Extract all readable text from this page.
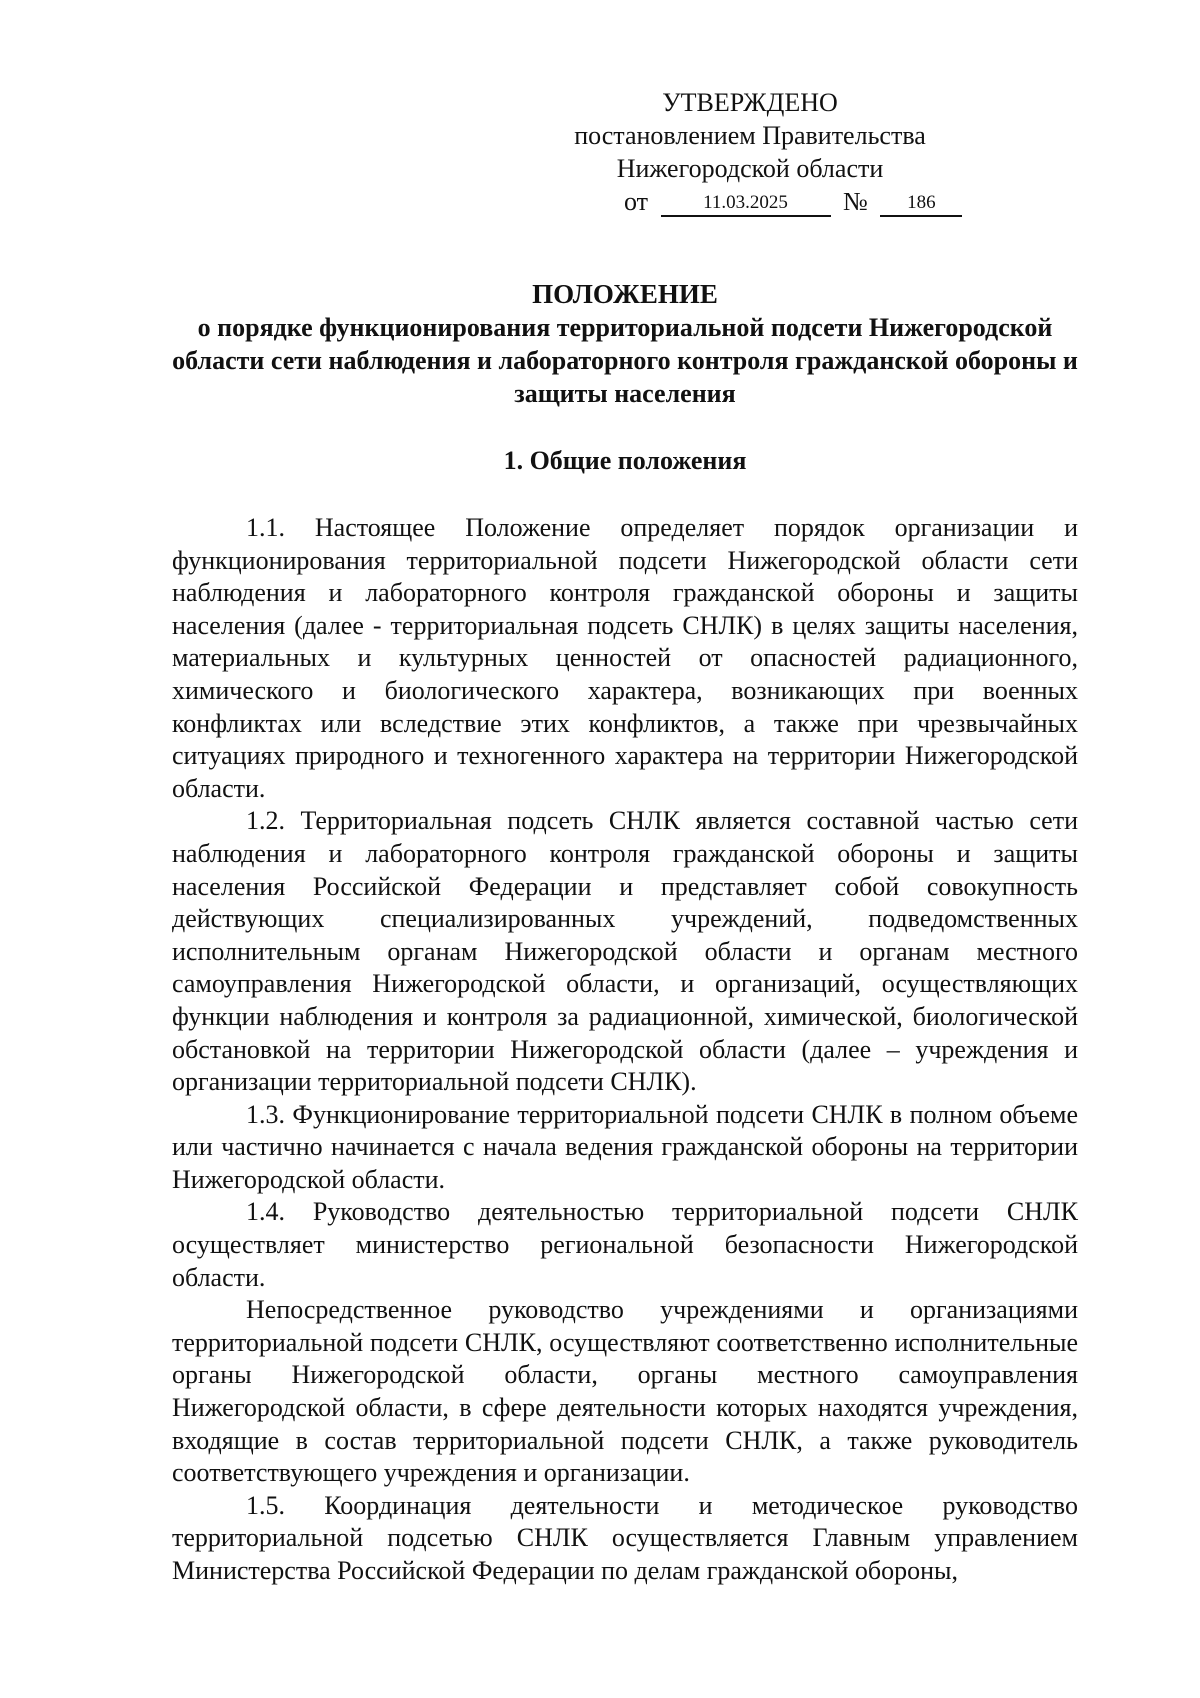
УТВЕРЖДЕНО
постановлением Правительства
Нижегородской области
от	11.03.2025 № 186
ПОЛОЖЕНИЕ
о порядке функционирования территориальной подсети Нижегородской области сети наблюдения и лабораторного контроля гражданской обороны и защиты населения
1. Общие положения

1.1. Настоящее Положение определяет порядок организации и функционирования территориальной подсети Нижегородской области сети наблюдения и лабораторного контроля гражданской обороны и защиты населения (далее - территориальная подсеть СНЛК) в целях защиты населения, материальных и культурных ценностей от опасностей радиационного, химического и биологического характера, возникающих при военных конфликтах или вследствие этих конфликтов, а также при чрезвычайных ситуациях природного и техногенного характера на территории Нижегородской области.

1.2. Территориальная подсеть СНЛК является составной частью сети наблюдения и лабораторного контроля гражданской обороны и защиты населения Российской Федерации и представляет собой совокупность действующих специализированных учреждений, подведомственных исполнительным органам Нижегородской области и органам местного самоуправления Нижегородской области, и организаций, осуществляющих функции наблюдения и контроля за радиационной, химической, биологической обстановкой на территории Нижегородской области (далее – учреждения и организации территориальной подсети СНЛК).

1.3. Функционирование территориальной подсети СНЛК в полном объеме или частично начинается с начала ведения гражданской обороны на территории Нижегородской области.

1.4. Руководство деятельностью территориальной подсети СНЛК осуществляет министерство региональной безопасности Нижегородской области.

Непосредственное руководство учреждениями и организациями территориальной подсети СНЛК, осуществляют соответственно исполнительные органы Нижегородской области, органы местного самоуправления Нижегородской области, в сфере деятельности которых находятся учреждения, входящие в состав территориальной подсети СНЛК, а также руководитель соответствующего учреждения и организации.

1.5. Координация деятельности и методическое руководство территориальной подсетью СНЛК осуществляется Главным управлением Министерства Российской Федерации по делам гражданской обороны,
